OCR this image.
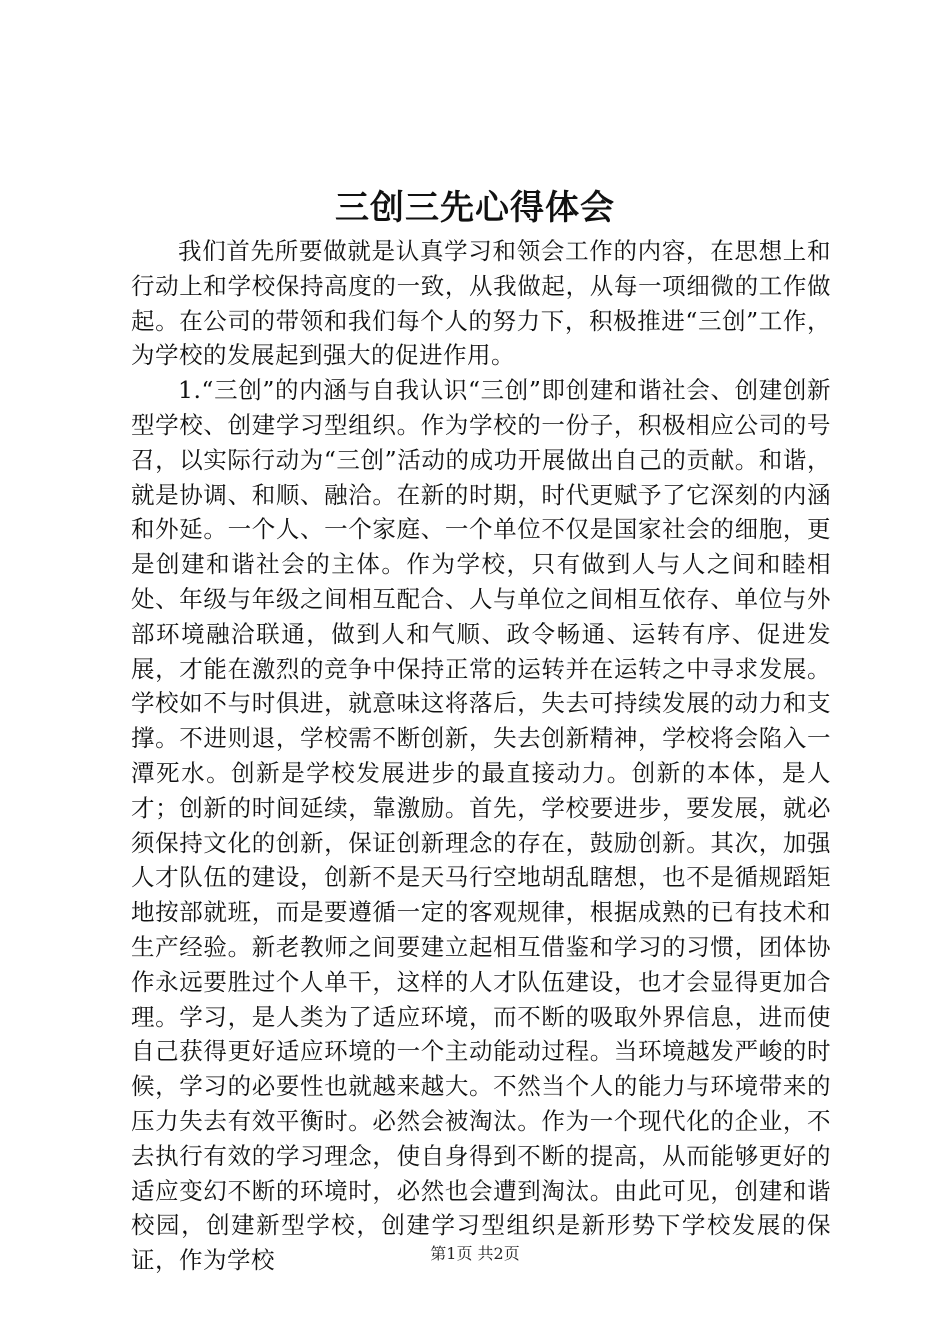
三创三先心得体会

我们首先所要做就是认真学习和领会工作的内容，在思想上和行动上和学校保持高度的一致，从我做起，从每一项细微的工作做起。在公司的带领和我们每个人的努力下，积极推进“三创”工作，为学校的发展起到强大的促进作用。

1.“三创”的内涵与自我认识“三创”即创建和谐社会、创建创新型学校、创建学习型组织。作为学校的一份子，积极相应公司的号召，以实际行动为“三创”活动的成功开展做出自己的贡献。和谐，就是协调、和顺、融洽。在新的时期，时代更赋予了它深刻的内涵和外延。一个人、一个家庭、一个单位不仅是国家社会的细胞，更是创建和谐社会的主体。作为学校，只有做到人与人之间和睦相处、年级与年级之间相互配合、人与单位之间相互依存、单位与外部环境融洽联通，做到人和气顺、政令畅通、运转有序、促进发展，才能在激烈的竞争中保持正常的运转并在运转之中寻求发展。学校如不与时俱进，就意味这将落后，失去可持续发展的动力和支撑。不进则退，学校需不断创新，失去创新精神，学校将会陷入一潭死水。创新是学校发展进步的最直接动力。创新的本体，是人才；创新的时间延续，靠激励。首先，学校要进步，要发展，就必须保持文化的创新，保证创新理念的存在，鼓励创新。其次，加强人才队伍的建设，创新不是天马行空地胡乱瞎想，也不是循规蹈矩地按部就班，而是要遵循一定的客观规律，根据成熟的已有技术和生产经验。新老教师之间要建立起相互借鉴和学习的习惯，团体协作永远要胜过个人单干，这样的人才队伍建设，也才会显得更加合理。学习，是人类为了适应环境，而不断的吸取外界信息，进而使自己获得更好适应环境的一个主动能动过程。当环境越发严峻的时候，学习的必要性也就越来越大。不然当个人的能力与环境带来的压力失去有效平衡时。必然会被淘汰。作为一个现代化的企业，不去执行有效的学习理念，使自身得到不断的提高，从而能够更好的适应变幻不断的环境时，必然也会遭到淘汰。由此可见，创建和谐校园，创建新型学校，创建学习型组织是新形势下学校发展的保证，作为学校	第1页 共2页
